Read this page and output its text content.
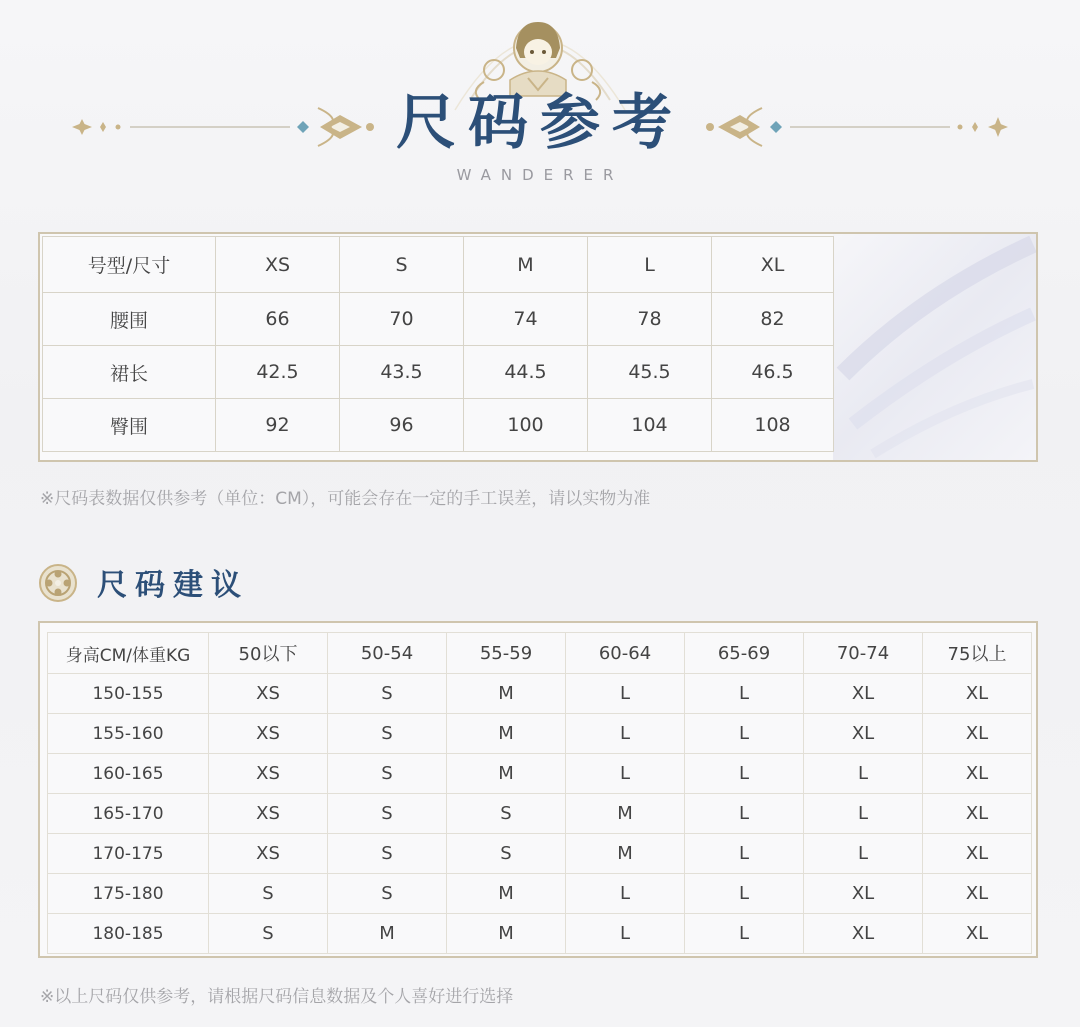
尺码参考
WANDERER
号型/尺寸	XS	S	M	L	XL
腰围	66	70	74	78	82
裙长	42.5	43.5	44.5	45.5	46.5
臀围	92	96	100	104	108
※尺码表数据仅供参考（单位：CM），可能会存在一定的手工误差，请以实物为准
尺码建议
身高CM/体重KG	50以下	50-54	55-59	60-64	65-69	70-74	75以上
150-155	XS	S	M	L	L	XL	XL
155-160	XS	S	M	L	L	XL	XL
160-165	XS	S	M	L	L	L	XL
165-170	XS	S	S	M	L	L	XL
170-175	XS	S	S	M	L	L	XL
175-180	S	S	M	L	L	XL	XL
180-185	S	M	M	L	L	XL	XL
※以上尺码仅供参考，请根据尺码信息数据及个人喜好进行选择
